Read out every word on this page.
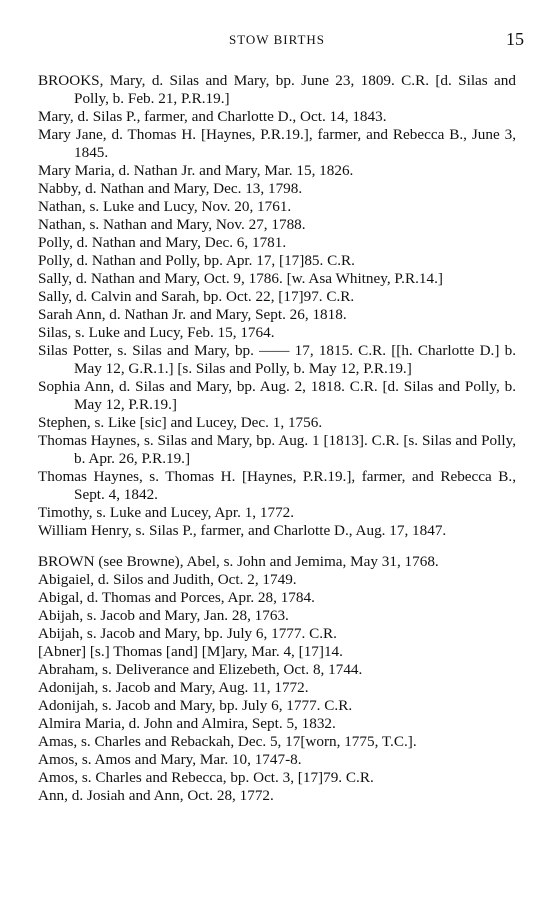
STOW BIRTHS	15
BROOKS, Mary, d. Silas and Mary, bp. June 23, 1809. C.R. [d. Silas and Polly, b. Feb. 21, P.R.19.]
Mary, d. Silas P., farmer, and Charlotte D., Oct. 14, 1843.
Mary Jane, d. Thomas H. [Haynes, P.R.19.], farmer, and Rebecca B., June 3, 1845.
Mary Maria, d. Nathan Jr. and Mary, Mar. 15, 1826.
Nabby, d. Nathan and Mary, Dec. 13, 1798.
Nathan, s. Luke and Lucy, Nov. 20, 1761.
Nathan, s. Nathan and Mary, Nov. 27, 1788.
Polly, d. Nathan and Mary, Dec. 6, 1781.
Polly, d. Nathan and Polly, bp. Apr. 17, [17]85. C.R.
Sally, d. Nathan and Mary, Oct. 9, 1786. [w. Asa Whitney, P.R.14.]
Sally, d. Calvin and Sarah, bp. Oct. 22, [17]97. C.R.
Sarah Ann, d. Nathan Jr. and Mary, Sept. 26, 1818.
Silas, s. Luke and Lucy, Feb. 15, 1764.
Silas Potter, s. Silas and Mary, bp. —— 17, 1815. C.R. [[h. Charlotte D.] b. May 12, G.R.1.] [s. Silas and Polly, b. May 12, P.R.19.]
Sophia Ann, d. Silas and Mary, bp. Aug. 2, 1818. C.R. [d. Silas and Polly, b. May 12, P.R.19.]
Stephen, s. Like [sic] and Lucey, Dec. 1, 1756.
Thomas Haynes, s. Silas and Mary, bp. Aug. 1 [1813]. C.R. [s. Silas and Polly, b. Apr. 26, P.R.19.]
Thomas Haynes, s. Thomas H. [Haynes, P.R.19.], farmer, and Rebecca B., Sept. 4, 1842.
Timothy, s. Luke and Lucey, Apr. 1, 1772.
William Henry, s. Silas P., farmer, and Charlotte D., Aug. 17, 1847.
BROWN (see Browne), Abel, s. John and Jemima, May 31, 1768.
Abigaiel, d. Silos and Judith, Oct. 2, 1749.
Abigal, d. Thomas and Porces, Apr. 28, 1784.
Abijah, s. Jacob and Mary, Jan. 28, 1763.
Abijah, s. Jacob and Mary, bp. July 6, 1777. C.R.
[Abner] [s.] Thomas [and] [M]ary, Mar. 4, [17]14.
Abraham, s. Deliverance and Elizebeth, Oct. 8, 1744.
Adonijah, s. Jacob and Mary, Aug. 11, 1772.
Adonijah, s. Jacob and Mary, bp. July 6, 1777. C.R.
Almira Maria, d. John and Almira, Sept. 5, 1832.
Amas, s. Charles and Rebackah, Dec. 5, 17[worn, 1775, T.C.].
Amos, s. Amos and Mary, Mar. 10, 1747-8.
Amos, s. Charles and Rebecca, bp. Oct. 3, [17]79. C.R.
Ann, d. Josiah and Ann, Oct. 28, 1772.
